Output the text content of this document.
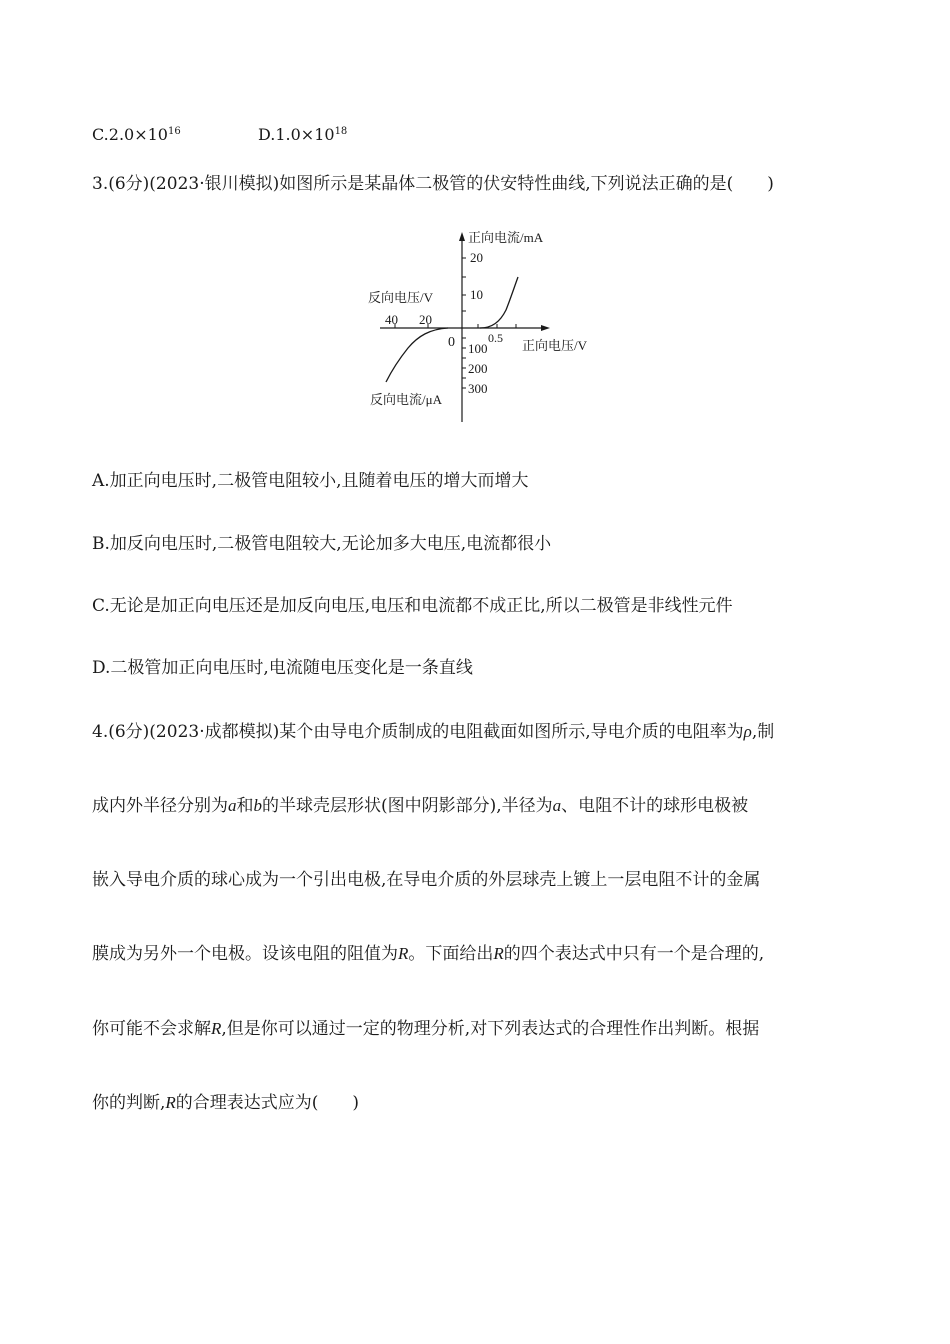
$C.2.0\times 10^{16}$	$D.1.0\times 10^{18}$
3.(6分)(2023·银川模拟)如图所示是某晶体二极管的伏安特性曲线,下列说法正确的是(　　)
正向电流/mA
20
10
反向电压/V
40 20
0	0.5
100	正向电压/V
200
300
反向电流/μA
A.加正向电压时,二极管电阻较小,且随着电压的增大而增大
B.加反向电压时,二极管电阻较大,无论加多大电压,电流都很小
C.无论是加正向电压还是加反向电压,电压和电流都不成正比,所以二极管是非线性元件
D.二极管加正向电压时,电流随电压变化是一条直线
4.(6分)(2023·成都模拟)某个由导电介质制成的电阻截面如图所示,导电介质的电阻率为ρ,制
成内外半径分别为a和b的半球壳层形状(图中阴影部分),半径为a、电阻不计的球形电极被
嵌入导电介质的球心成为一个引出电极,在导电介质的外层球壳上镀上一层电阻不计的金属
膜成为另外一个电极。设该电阻的阻值为R。下面给出R的四个表达式中只有一个是合理的,
你可能不会求解R,但是你可以通过一定的物理分析,对下列表达式的合理性作出判断。根据
你的判断,R的合理表达式应为(　　)
